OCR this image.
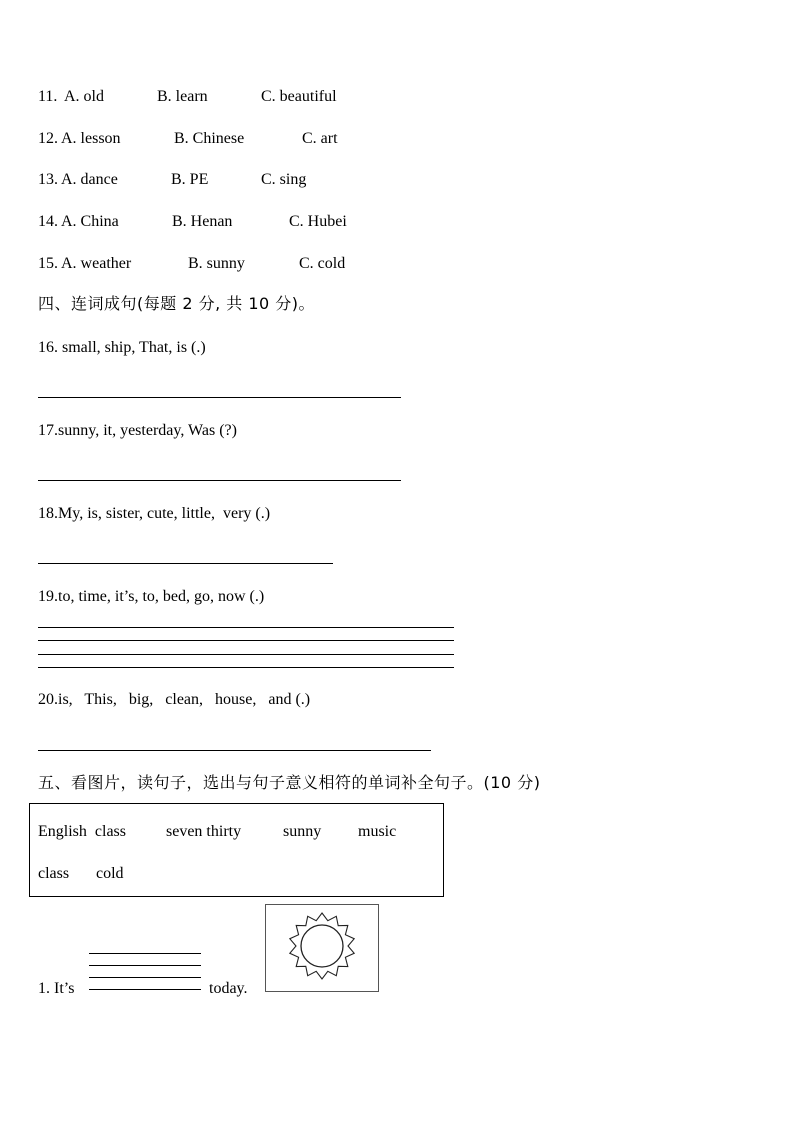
11.

A. old

	B. learn

	C. beautiful

12.

A. lesson

	B. Chinese

	C. art

13.

A. dance

	B. PE

	C. sing

14.

A. China

	B. Henan

	C. Hubei

15.

A. weather

	B. sunny

	C. cold

四、连词成句(每题 2 分, 共 10 分)。
16. small, ship, That, is (.)
17.sunny, it, yesterday, Was (?)
18.My, is, sister, cute, little,  very (.)
19.to, time, it’s, to, bed, go, now (.)
20.is,   This,   big,   clean,   house,   and (.)
五、看图片，读句子，选出与句子意义相符的单词补全句子。(10 分)
English  class	seven thirty	sunny music
class cold
1. It’s	today.
